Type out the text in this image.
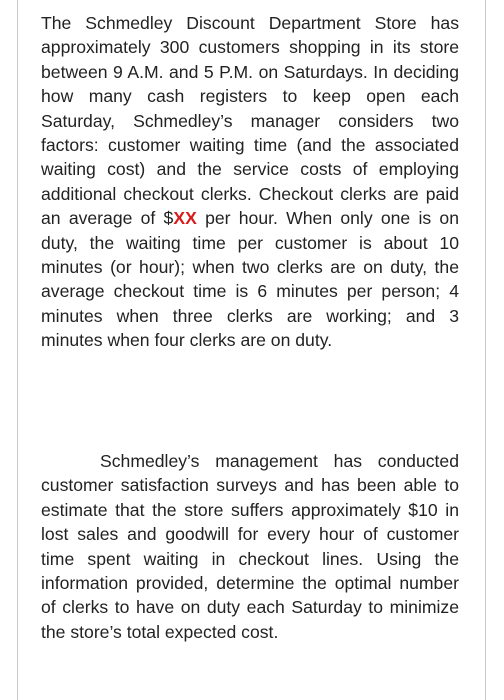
The Schmedley Discount Department Store has approximately 300 customers shopping in its store between 9 A.M. and 5 P.M. on Saturdays. In deciding how many cash registers to keep open each Saturday, Schmedley’s manager considers two factors: customer waiting time (and the associated waiting cost) and the service costs of employing additional checkout clerks. Checkout clerks are paid an average of $XX per hour. When only one is on duty, the waiting time per customer is about 10 minutes (or hour); when two clerks are on duty, the average checkout time is 6 minutes per person; 4 minutes when three clerks are working; and 3 minutes when four clerks are on duty.

Schmedley’s management has conducted customer satisfaction surveys and has been able to estimate that the store suffers approximately $10 in lost sales and goodwill for every hour of customer time spent waiting in checkout lines. Using the information provided, determine the optimal number of clerks to have on duty each Saturday to minimize the store’s total expected cost.
